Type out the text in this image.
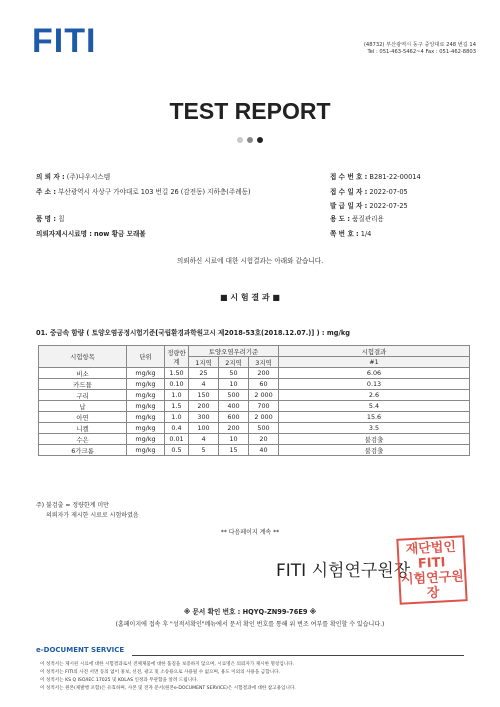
FITI	(48732) 부산광역시 동구 중앙대로 248 번길 14
Tel : 051-463-5462~4 Fax : 051-462-8803
TEST REPORT
의 뢰 자 : (주)나우시스템
주 소 : 부산광역시 사상구 가야대로 103 번길 26 (감전동) 지하층(주례동)
품 명 : 칩
의뢰자제시시료명 : now 황금 모래볼
접 수 번 호 : B281-22-00014
접 수 일 자 : 2022-07-05
발 급 일 자 : 2022-07-25
용 도 : 품질관리용
쪽 번 호 : 1/4
의뢰하신 시료에 대한 시험결과는 아래와 같습니다.
■ 시 험 결 과 ■
01. 중금속 함량 ( 토양오염공정시험기준[국립환경과학원고시 제2018-53호(2018.12.07.)] ) : mg/kg
시험항목	단위	정량한계	토양오염우려기준			시험결과
			1지역	2지역	3지역	#1
비소	mg/kg	1.50	25	50	200	6.06
카드뮴	mg/kg	0.10	4	10	60	0.13
구리	mg/kg	1.0	150	500	2 000	2.6
납	mg/kg	1.5	200	400	700	5.4
아연	mg/kg	1.0	300	600	2 000	15.6
니켈	mg/kg	0.4	100	200	500	3.5
수은	mg/kg	0.01	4	10	20	불검출
6가크롬	mg/kg	0.5	5	15	40	불검출
주) 불검출 = 정량한계 미만
의뢰자가 제시한 시료로 시험하였음
** 다음페이지 계속 **
FITI 시험연구원장
재단법인
FITI
시험연구원장
※ 문서 확인 번호 : HQYQ-ZN99-76E9 ※
(홈페이지에 접속 후 "성적서확인"메뉴에서 문서 확인 번호를 통해 위 번조 여부를 확인할 수 있습니다.)
e-DOCUMENT SERVICE
이 성적서는 제시된 시료에 대한 시험결과로서 전체제품에 대한 품질을 보증하지 않으며, 시료명은 의뢰자가 제시한 명칭입니다.
이 성적서는 FITI의 사전 서면 동의 없이 홍보, 선전, 광고 및 소송용으로 사용될 수 없으며, 용도 이외의 사용을 금합니다.
이 성적서는 KS Q ISO/IEC 17025 및 KOLAS 인정과 무관함을 알려 드립니다.
이 성적서는 원본(제발행 포함)은 유효하며, 사본 및 전자 문서(원본e-DOCUMENT SERVICE)은 시험결과에 대한 참고용입니다.
